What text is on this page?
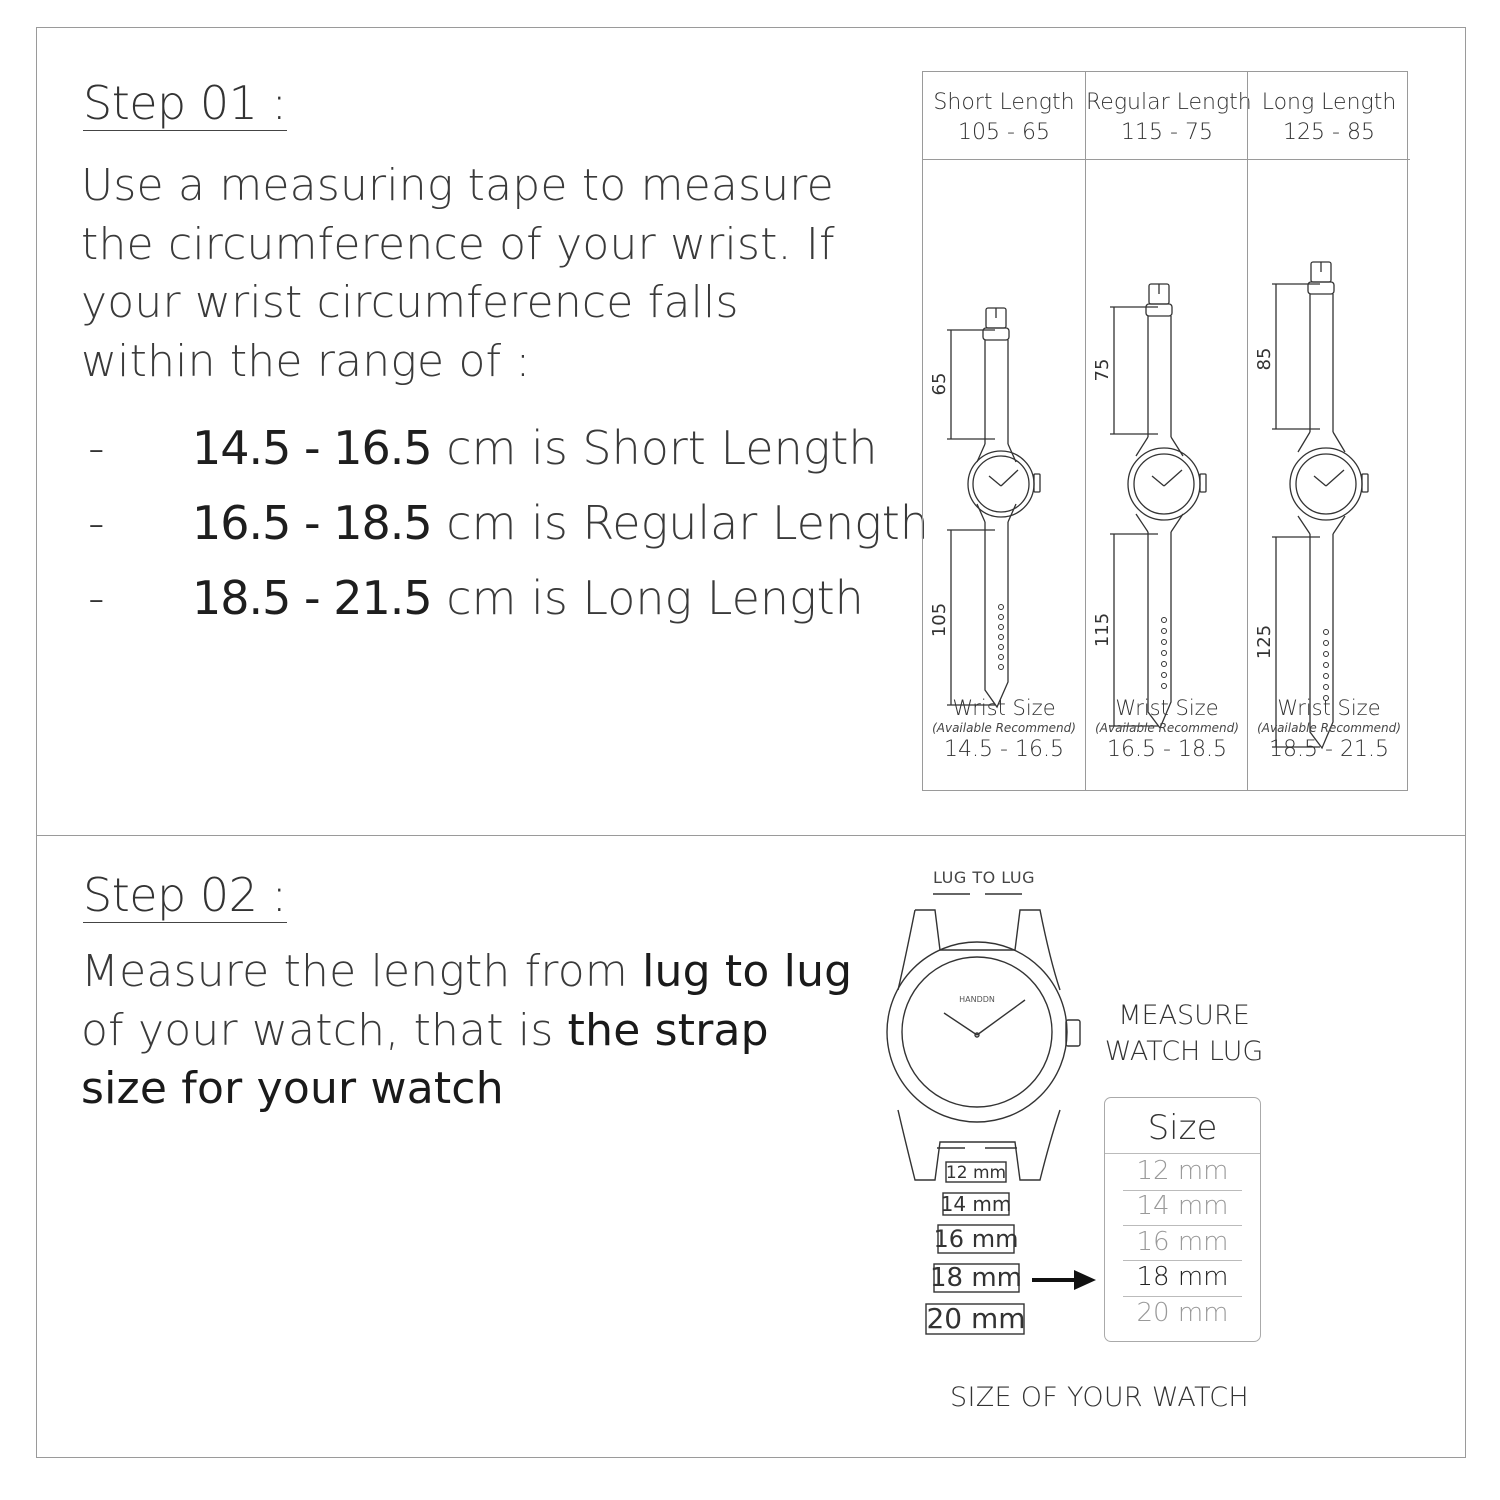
Step 01 :
Use a measuring tape to measure
the circumference of your wrist. If
your wrist circumference falls
within the range of :
- 14.5 - 16.5 cm is Short Length
- 16.5 - 18.5 cm is Regular Length
- 18.5 - 21.5 cm is Long Length
Short Length
105 - 65
65
105
Wrist Size
(Available Recommend)
14.5 - 16.5
Regular Length
115 - 75
75
115
Wrist Size
(Available Recommend)
16.5 - 18.5
Long Length
125 - 85
85
125
Wrist Size
(Available Recommend)
18.5 - 21.5
Step 02 :
Measure the length from lug to lug
of your watch, that is the strap
size for your watch
LUG TO LUG
HANDDN
12 mm
14 mm
16 mm
18 mm
20 mm
MEASURE
WATCH LUG
Size
12 mm
14 mm
16 mm
18 mm
20 mm
SIZE OF YOUR WATCH
